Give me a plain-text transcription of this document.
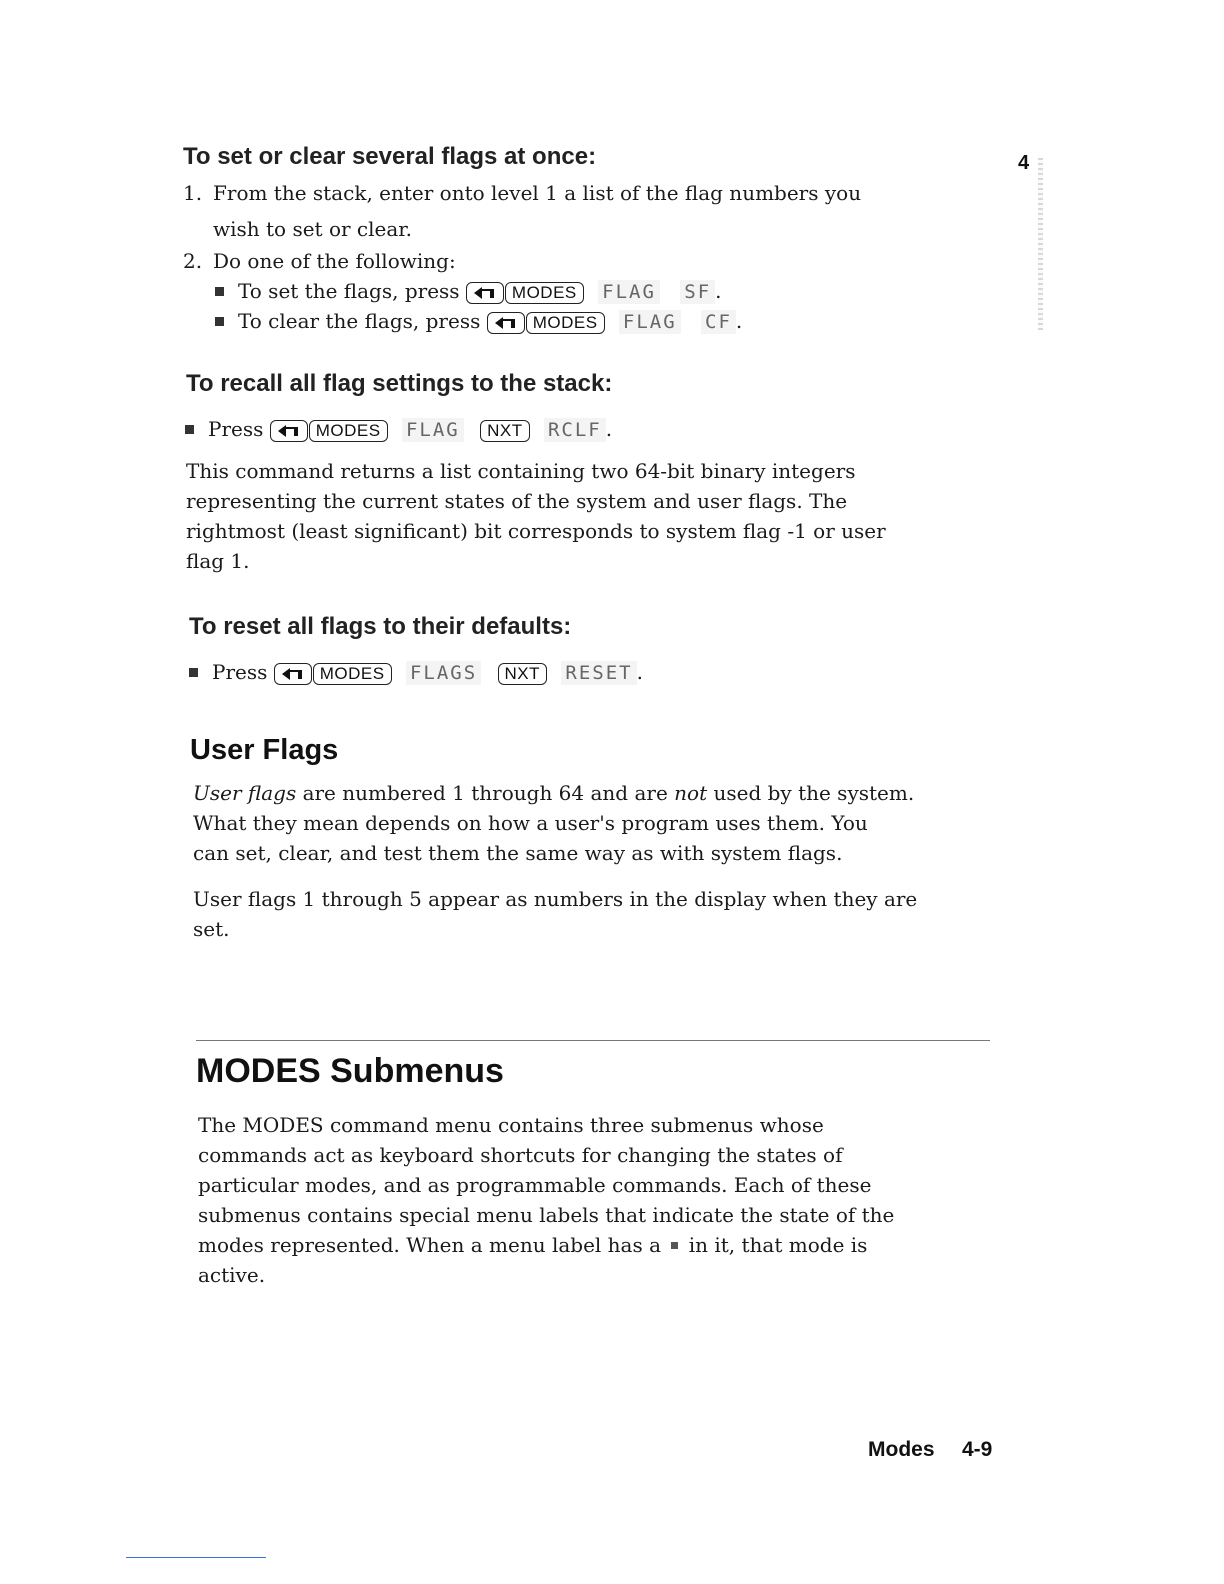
4
To set or clear several flags at once:
1. From the stack, enter onto level 1 a list of the flag numbers you
wish to set or clear.
2. Do one of the following:
To set the flags, press	MODES	FLAG SF .
To clear the flags, press	MODES	FLAG CF .
To recall all flag settings to the stack:
Press	MODES	FLAG NXT RCLF .
This command returns a list containing two 64-bit binary integers
representing the current states of the system and user flags. The
rightmost (least significant) bit corresponds to system flag -1 or user
flag 1.
To reset all flags to their defaults:
Press	MODES	FLAGS NXT RESET .
User Flags
User flags are numbered 1 through 64 and are not used by the system.
What they mean depends on how a user's program uses them. You
can set, clear, and test them the same way as with system flags.
User flags 1 through 5 appear as numbers in the display when they are
set.
MODES Submenus
The MODES command menu contains three submenus whose
commands act as keyboard shortcuts for changing the states of
particular modes, and as programmable commands. Each of these
submenus contains special menu labels that indicate the state of the
modes represented. When a menu label has a in it, that mode is
active.
Modes 4-9
